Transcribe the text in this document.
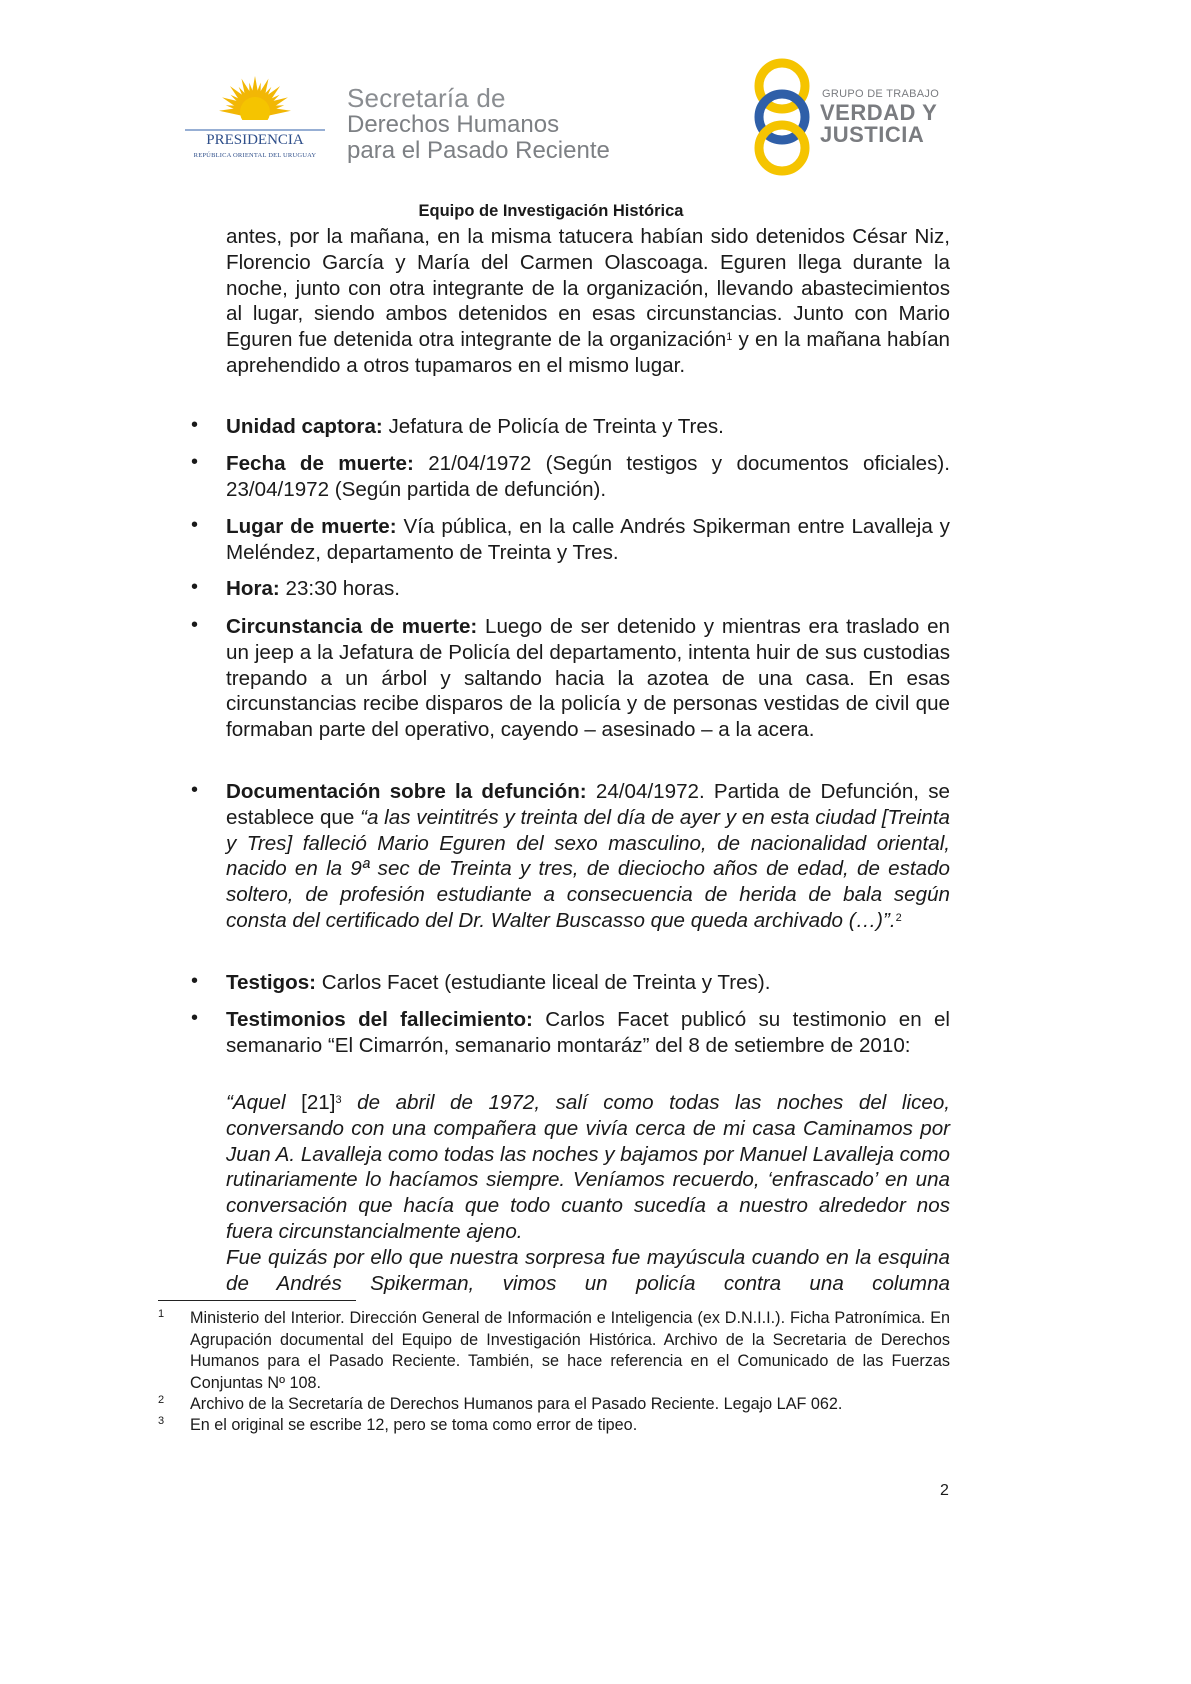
PRESIDENCIA
REPÚBLICA ORIENTAL DEL URUGUAY
Secretaría de
Derechos Humanos
para el Pasado Reciente
GRUPO DE TRABAJO
VERDAD Y
JUSTICIA
Equipo de Investigación Histórica
antes, por la mañana, en la misma tatucera habían sido detenidos César Niz, Florencio García y María del Carmen Olascoaga. Eguren llega durante la noche, junto con otra integrante de la organización, llevando abastecimientos al lugar, siendo ambos detenidos en esas circunstancias. Junto con Mario Eguren fue detenida otra integrante de la organización$^1$ y en la mañana habían aprehendido a otros tupamaros en el mismo lugar.
• Unidad captora: Jefatura de Policía de Treinta y Tres.
• Fecha de muerte: 21/04/1972 (Según testigos y documentos oficiales). 23/04/1972 (Según partida de defunción).
• Lugar de muerte: Vía pública, en la calle Andrés Spikerman entre Lavalleja y Meléndez, departamento de Treinta y Tres.
• Hora: 23:30 horas.
• Circunstancia de muerte: Luego de ser detenido y mientras era traslado en un jeep a la Jefatura de Policía del departamento, intenta huir de sus custodias trepando a un árbol y saltando hacia la azotea de una casa. En esas circunstancias recibe disparos de la policía y de personas vestidas de civil que formaban parte del operativo, cayendo – asesinado – a la acera.
• Documentación sobre la defunción: 24/04/1972. Partida de Defunción, se establece que “a las veintitrés y treinta del día de ayer y en esta ciudad [Treinta y Tres] falleció Mario Eguren del sexo masculino, de nacionalidad oriental, nacido en la 9ª sec de Treinta y tres, de dieciocho años de edad, de estado soltero, de profesión estudiante a consecuencia de herida de bala según consta del certificado del Dr. Walter Buscasso que queda archivado (…)”.$^2$
• Testigos: Carlos Facet (estudiante liceal de Treinta y Tres).
• Testimonios del fallecimiento: Carlos Facet publicó su testimonio en el semanario “El Cimarrón, semanario montaráz” del 8 de setiembre de 2010:
“Aquel $[21]^3$ de abril de 1972, salí como todas las noches del liceo, conversando con una compañera que vivía cerca de mi casa Caminamos por Juan A. Lavalleja como todas las noches y bajamos por Manuel Lavalleja como rutinariamente lo hacíamos siempre. Veníamos recuerdo, ‘enfrascado’ en una conversación que hacía que todo cuanto sucedía a nuestro alrededor nos fuera circunstancialmente ajeno.
Fue quizás por ello que nuestra sorpresa fue mayúscula cuando en la esquina de Andrés Spikerman, vimos un policía contra una columna
1 Ministerio del Interior. Dirección General de Información e Inteligencia (ex D.N.I.I.). Ficha Patronímica. En Agrupación documental del Equipo de Investigación Histórica. Archivo de la Secretaria de Derechos Humanos para el Pasado Reciente. También, se hace referencia en el Comunicado de las Fuerzas Conjuntas Nº 108.
2 Archivo de la Secretaría de Derechos Humanos para el Pasado Reciente. Legajo LAF 062.
3 En el original se escribe 12, pero se toma como error de tipeo.
2
